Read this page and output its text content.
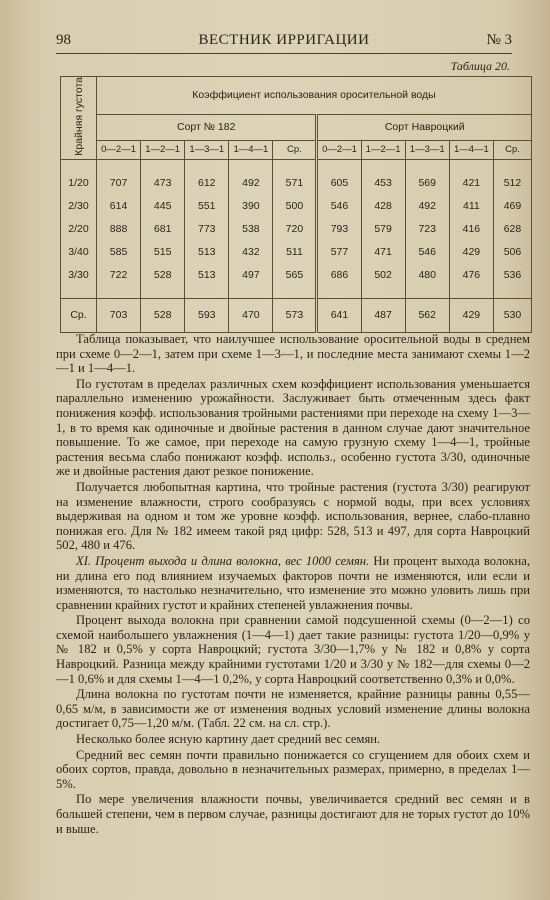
98	ВЕСТНИК ИРРИГАЦИИ	№ 3
Таблица 20.
Крайняя густота	Коэффициент использования оросительной воды									
	Сорт № 182					Сорт Навроцкий				
	0—2—1	1—2—1	1—3—1	1—4—1	Ср.	0—2—1	1—2—1	1—3—1	1—4—1	Ср.

1/20	707	473	612	492	571	605	453	569	421	512
2/30	614	445	551	390	500	546	428	492	411	469
2/20	888	681	773	538	720	793	579	723	416	628
3/40	585	515	513	432	511	577	471	546	429	506
3/30	722	528	513	497	565	686	502	480	476	536

Ср.	703	528	593	470	573	641	487	562	429	530

Таблица показывает, что наилучшее использование оросительной воды в среднем при схеме 0—2—1, затем при схеме 1—3—1, и последние места занимают схемы 1—2—1 и 1—4—1.

По густотам в пределах различных схем коэффициент использования уменьшается параллельно изменению урожайности. Заслуживает быть отмеченным здесь факт понижения коэфф. использования тройными растениями при переходе на схему 1—3—1, в то время как одиночные и двойные растения в данном случае дают значительное повышение. То же самое, при переходе на самую грузную схему 1—4—1, тройные растения весьма слабо понижают коэфф. использ., особенно густота 3/30, одиночные же и двойные растения дают резкое понижение.

Получается любопытная картина, что тройные растения (густота 3/30) реагируют на изменение влажности, строго сообразуясь с нормой воды, при всех условиях выдерживая на одном и том же уровне коэфф. использования, вернее, слабо-плавно понижая его. Для № 182 имеем такой ряд цифр: 528, 513 и 497, для сорта Навроцкий 502, 480 и 476.

XI. Процент выхода и длина волокна, вес 1000 семян. Ни процент выхода волокна, ни длина его под влиянием изучаемых факторов почти не изменяются, или если и изменяются, то настолько незначительно, что изменение это можно уловить лишь при сравнении крайних густот и крайних степеней увлажнения почвы.

Процент выхода волокна при сравнении самой подсушенной схемы (0—2—1) со схемой наибольшего увлажнения (1—4—1) дает такие разницы: густота 1/20—0,9% у № 182 и 0,5% у сорта Навроцкий; густота 3/30—1,7% у № 182 и 0,8% у сорта Навроцкий. Разница между крайними густотами 1/20 и 3/30 у № 182—для схемы 0—2—1 0,6% и для схемы 1—4—1 0,2%, у сорта Навроцкий соответственно 0,3% и 0,0%.

Длина волокна по густотам почти не изменяется, крайние разницы равны 0,55—0,65 м/м, в зависимости же от изменения водных условий изменение длины волокна достигает 0,75—1,20 м/м. (Табл. 22 см. на сл. стр.).

Несколько более ясную картину дает средний вес семян.

Средний вес семян почти правильно понижается со сгущением для обоих схем и обоих сортов, правда, довольно в незначительных размерах, примерно, в пределах 1—5%.

По мере увеличения влажности почвы, увеличивается средний вес семян и в большей степени, чем в первом случае, разницы достигают для не торых густот до 10% и выше.
